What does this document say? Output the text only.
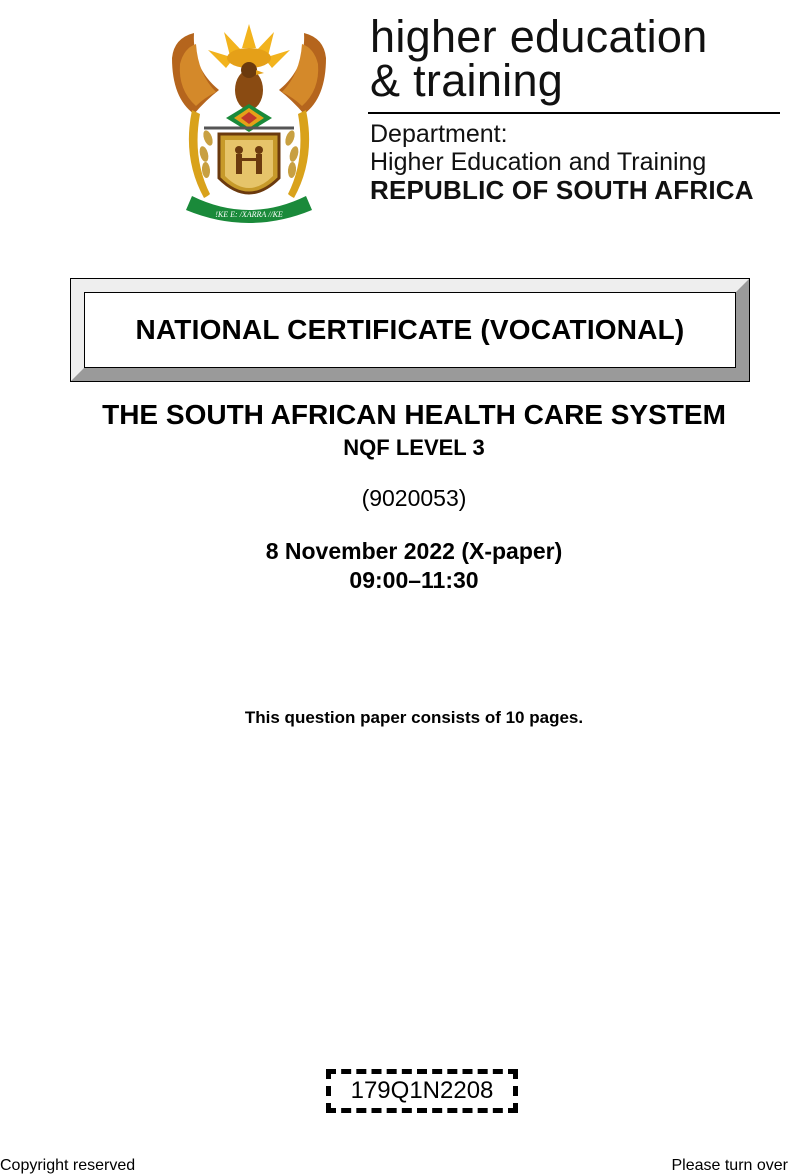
!KE E: /XARRA //KE
higher education
& training
Department:
Higher Education and Training
REPUBLIC OF SOUTH AFRICA
NATIONAL CERTIFICATE (VOCATIONAL)
THE SOUTH AFRICAN HEALTH CARE SYSTEM
NQF LEVEL 3
(9020053)
8 November 2022 (X-paper)
09:00–11:30
This question paper consists of 10 pages.
179Q1N2208
Copyright reserved	Please turn over
